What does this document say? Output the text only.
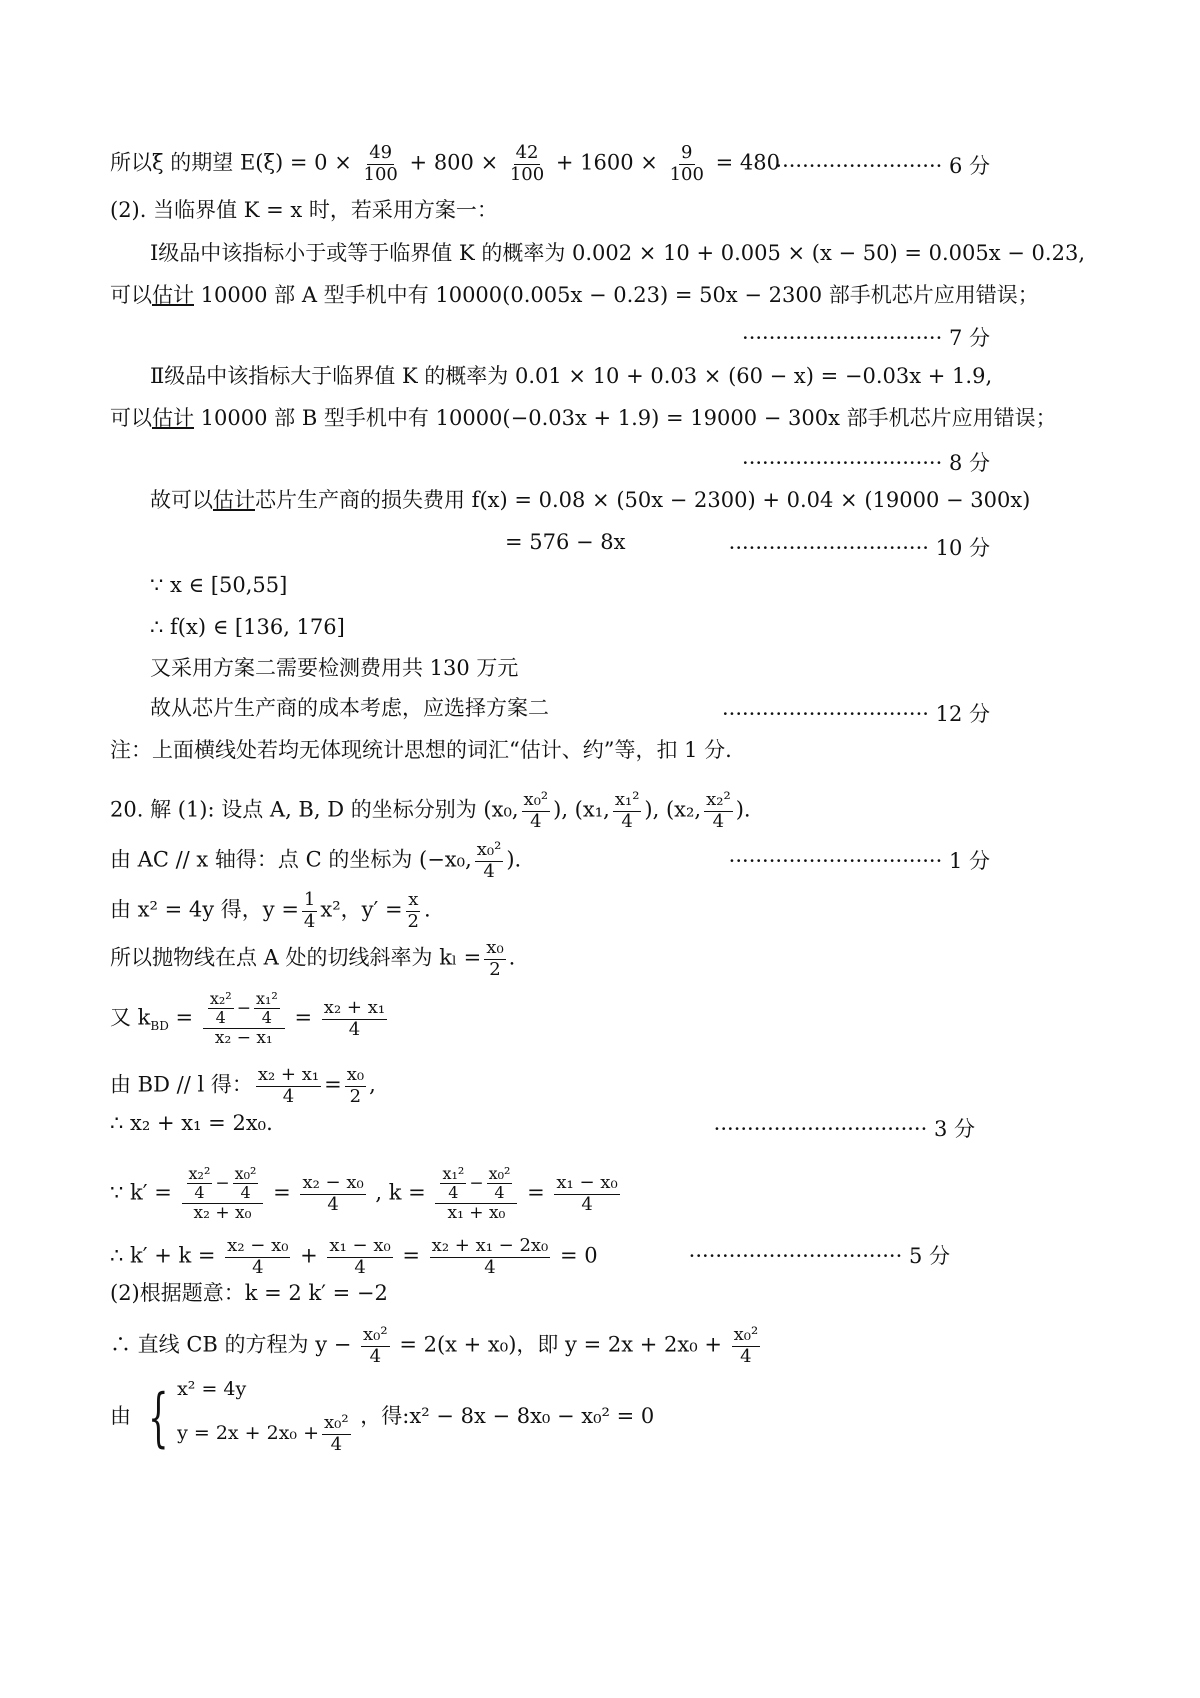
所以ξ 的期望 $E(\xi) = 0 \times \frac{49}{100} + 800 \times \frac{42}{100} + 1600 \times \frac{9}{100} = 480$
························· 6 分
(2). 当临界值 K = x 时，若采用方案一：
Ⅰ级品中该指标小于或等于临界值 K 的概率为 0.002 × 10 + 0.005 × (x − 50) = 0.005x − 0.23,
可以估计 10000 部 A 型手机中有 10000(0.005x − 0.23) = 50x − 2300 部手机芯片应用错误；
······························ 7 分
Ⅱ级品中该指标大于临界值 K 的概率为 0.01 × 10 + 0.03 × (60 − x) = −0.03x + 1.9,
可以估计 10000 部 B 型手机中有 10000(−0.03x + 1.9) = 19000 − 300x 部手机芯片应用错误；
······························ 8 分
故可以估计芯片生产商的损失费用 f(x) = 0.08 × (50x − 2300) + 0.04 × (19000 − 300x)
= 576 − 8x	······························ 10 分
∵ x ∈ [50,55]
∴ f(x) ∈ [136, 176]
又采用方案二需要检测费用共 130 万元
故从芯片生产商的成本考虑，应选择方案二	······························· 12 分
注：上面横线处若均无体现统计思想的词汇“估计、约”等，扣 1 分.
20. 解 (1): 设点 A, B, D 的坐标分别为 (x₀, $\frac{\text{x₀²}}{4}$ ), (x₁, $\frac{\text{x₁²}}{4}$ ), (x₂, $\frac{\text{x₂²}}{4}$ ).
由 AC // x 轴得：点 C 的坐标为 (−x₀, $\frac{\text{x₀²}}{4}$ ).	································ 1 分
由 x² = 4y 得，$y = \frac{1}{4} x^2$，$y' = \frac{x}{2}$ .
所以抛物线在点 A 处的切线斜率为 $k_l = \frac{\text{x₀}}{2}$ .
又 $k_{BD} = \frac{\frac{\text{x₂²}}{4} - \frac{\text{x₁²}}{4}}{\text{x₂ − x₁}} = \frac{\text{x₂ + x₁}}{4}$
由 BD // l 得： $\frac{\text{x₂ + x₁}}{4} = \frac{\text{x₀}}{2}$ ,
∴ x₂ + x₁ = 2x₀.	································ 3 分
∵ $k' = \frac{\frac{\text{x₂²}}{4} - \frac{\text{x₀²}}{4}}{\text{x₂ + x₀}} = \frac{\text{x₂ − x₀}}{4}$ , $k = \frac{\frac{\text{x₁²}}{4} - \frac{\text{x₀²}}{4}}{\text{x₁ + x₀}} = \frac{\text{x₁ − x₀}}{4}$
∴ $k' + k = \frac{\text{x₂ − x₀}}{4} + \frac{\text{x₁ − x₀}}{4} = \frac{\text{x₂ + x₁ − 2x₀}}{4} = 0$	································ 5 分
(2)根据题意：k = 2 k′ = −2
∴ 直线 CB 的方程为 $y - \frac{\text{x₀²}}{4} = 2(x + x_0)$，即 $y = 2x + 2x_0 + \frac{\text{x₀²}}{4}$
由 { x² = 4y
$y = 2x + 2x_0 + \frac{\text{x₀²}}{4}$ ，得:x² − 8x − 8x₀ − x₀² = 0
